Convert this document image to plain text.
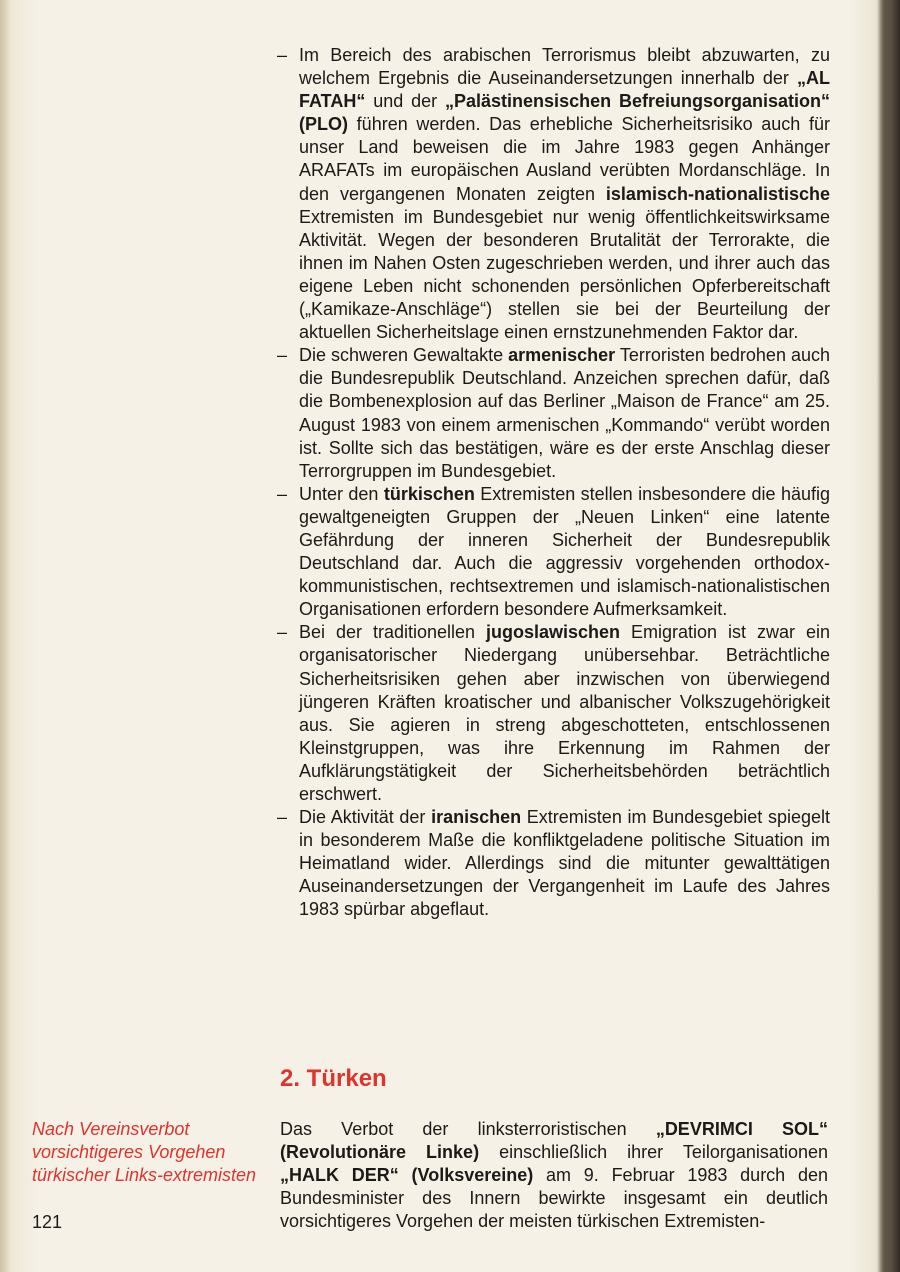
– Im Bereich des arabischen Terrorismus bleibt abzuwarten, zu welchem Ergebnis die Auseinandersetzungen innerhalb der „AL FATAH“ und der „Palästinensischen Befreiungsorganisation“ (PLO) führen werden. Das erhebliche Sicherheitsrisiko auch für unser Land beweisen die im Jahre 1983 gegen Anhänger ARAFATs im europäischen Ausland verübten Mordanschläge. In den vergangenen Monaten zeigten islamisch-nationalistische Extremisten im Bundesgebiet nur wenig öffentlichkeitswirksame Aktivität. Wegen der besonderen Brutalität der Terrorakte, die ihnen im Nahen Osten zugeschrieben werden, und ihrer auch das eigene Leben nicht schonenden persönlichen Opferbereitschaft („Kamikaze-Anschläge“) stellen sie bei der Beurteilung der aktuellen Sicherheitslage einen ernstzunehmenden Faktor dar.

– Die schweren Gewaltakte armenischer Terroristen bedrohen auch die Bundesrepublik Deutschland. Anzeichen sprechen dafür, daß die Bombenexplosion auf das Berliner „Maison de France“ am 25. August 1983 von einem armenischen „Kommando“ verübt worden ist. Sollte sich das bestätigen, wäre es der erste Anschlag dieser Terrorgruppen im Bundesgebiet.

– Unter den türkischen Extremisten stellen insbesondere die häufig gewaltgeneigten Gruppen der „Neuen Linken“ eine latente Gefährdung der inneren Sicherheit der Bundesrepublik Deutschland dar. Auch die aggressiv vorgehenden orthodox-kommunistischen, rechtsextremen und islamisch-nationalistischen Organisationen erfordern besondere Aufmerksamkeit.

– Bei der traditionellen jugoslawischen Emigration ist zwar ein organisatorischer Niedergang unübersehbar. Beträchtliche Sicherheitsrisiken gehen aber inzwischen von überwiegend jüngeren Kräften kroatischer und albanischer Volkszugehörigkeit aus. Sie agieren in streng abgeschotteten, entschlossenen Kleinstgruppen, was ihre Erkennung im Rahmen der Aufklärungstätigkeit der Sicherheitsbehörden beträchtlich erschwert.

– Die Aktivität der iranischen Extremisten im Bundesgebiet spiegelt in besonderem Maße die konfliktgeladene politische Situation im Heimatland wider. Allerdings sind die mitunter gewalttätigen Auseinandersetzungen der Vergangenheit im Laufe des Jahres 1983 spürbar abgeflaut.

2. Türken
Nach Vereinsverbot vorsichtigeres Vorgehen türkischer Links-extremisten
Das Verbot der linksterroristischen „DEVRIMCI SOL“ (Revolutionäre Linke) einschließlich ihrer Teilorganisationen „HALK DER“ (Volksvereine) am 9. Februar 1983 durch den Bundesminister des Innern bewirkte insgesamt ein deutlich vorsichtigeres Vorgehen der meisten türkischen Extremisten-
121
